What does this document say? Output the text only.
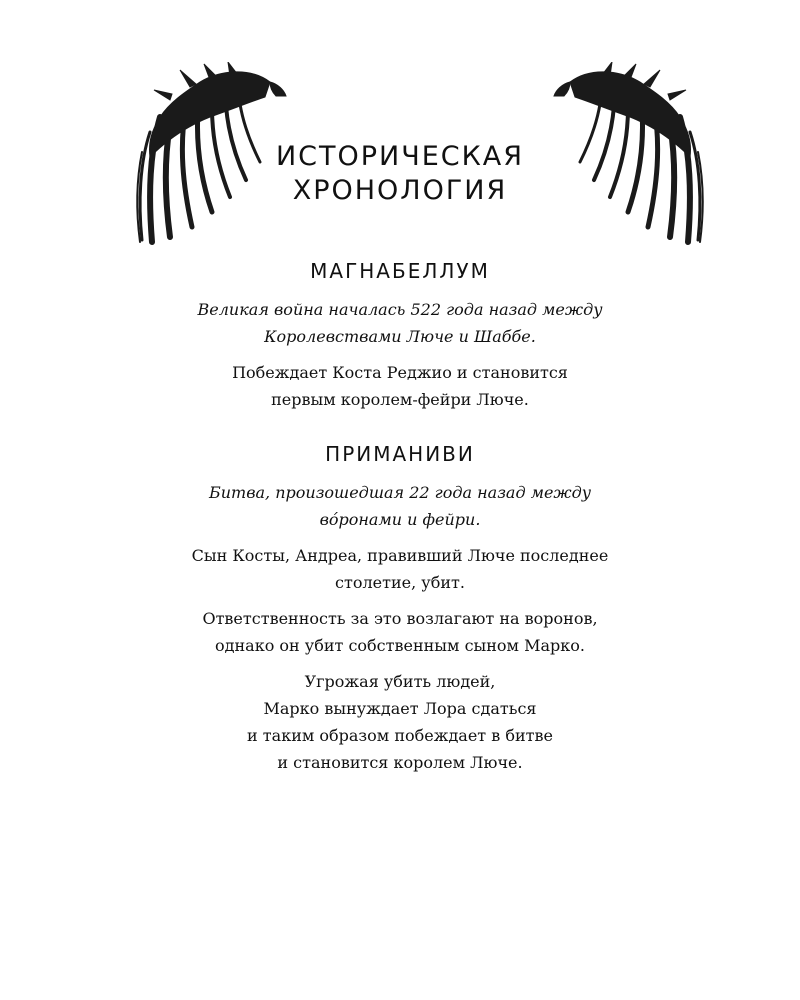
ИСТОРИЧЕСКАЯ
ХРОНОЛОГИЯ
МАГНАБЕЛЛУМ

Великая война началась 522 года назад между
Королевствами Люче и Шаббе.

Побеждает Коста Реджио и становится
первым королем-фейри Люче.

ПРИМАНИВИ

Битва, произошедшая 22 года назад между
вóронами и фейри.

Сын Косты, Андреа, правивший Люче последнее
столетие, убит.

Ответственность за это возлагают на воронов,
однако он убит собственным сыном Марко.

Угрожая убить людей,
Марко вынуждает Лора сдаться
и таким образом побеждает в битве
и становится королем Люче.
